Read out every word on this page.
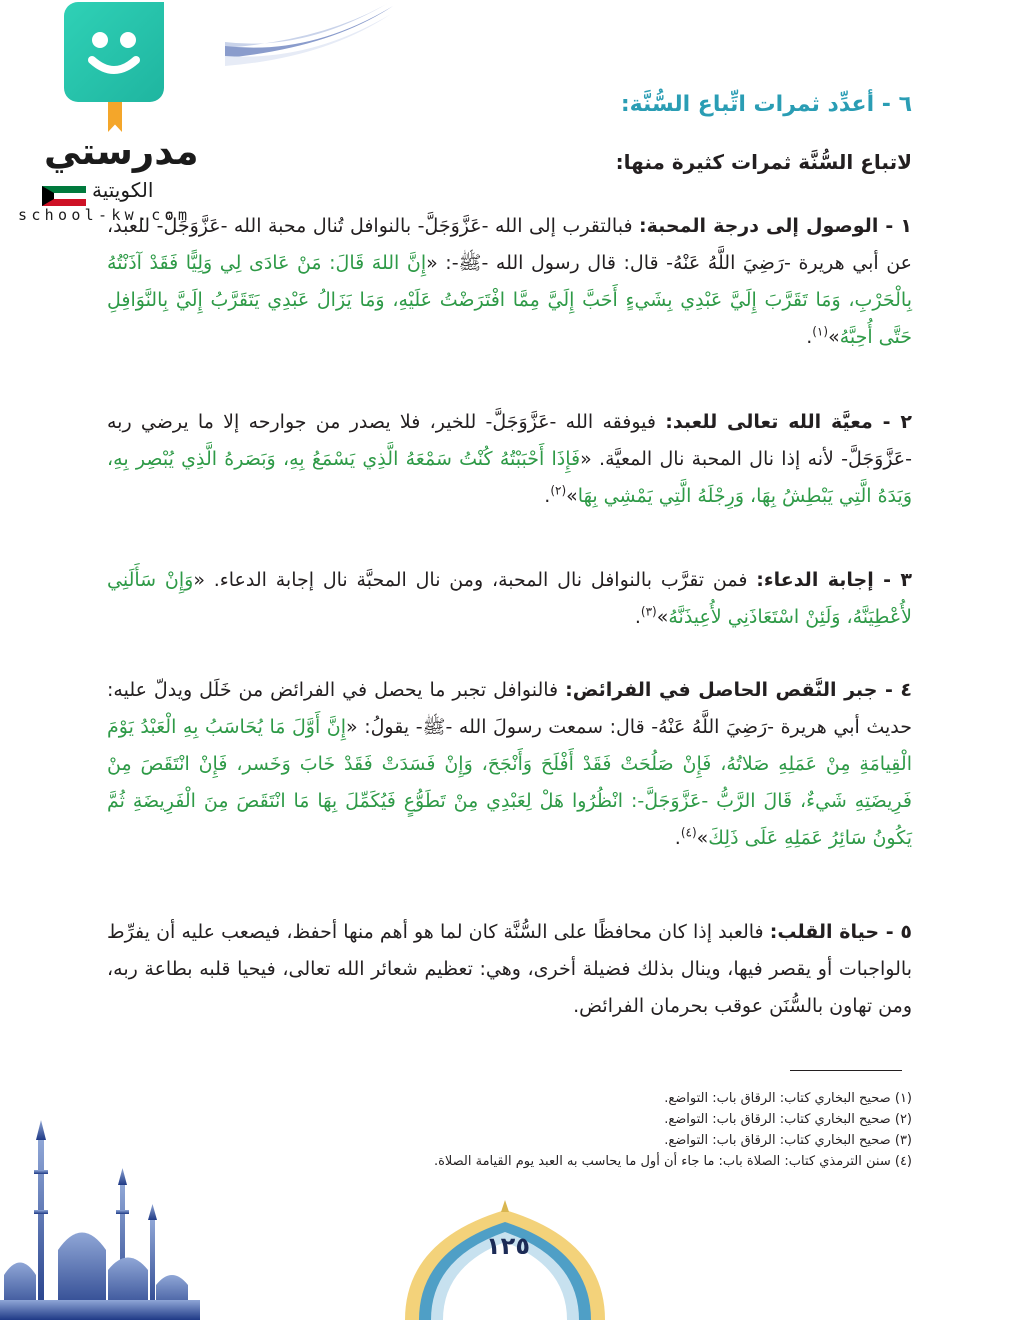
مدرستي
الكويتية
school-kw.com
٦ - أعدِّد ثمرات اتِّباع السُّنَّة:
لاتباع السُّنَّة ثمرات كثيرة منها:
١ - الوصول إلى درجة المحبة: فبالتقرب إلى الله -عَزَّوَجَلَّ- بالنوافل تُنال محبة الله -عَزَّوَجَلَّ- للعبد، عن أبي هريرة -رَضِيَ اللَّهُ عَنْهُ- قال: قال رسول الله -ﷺ-: «إِنَّ اللهَ قَالَ: مَنْ عَادَى لِي وَلِيًّا فَقَدْ آذَنْتُهُ بِالْحَرْبِ، وَمَا تَقَرَّبَ إِلَيَّ عَبْدِي بِشَيءٍ أَحَبَّ إِلَيَّ مِمَّا افْتَرَضْتُ عَلَيْهِ، وَمَا يَزَالُ عَبْدِي يَتَقَرَّبُ إِلَيَّ بِالنَّوَافِلِ حَتَّى أُحِبَّهُ»$^{(١)}$.
٢ - معيَّة الله تعالى للعبد: فيوفقه الله -عَزَّوَجَلَّ- للخير، فلا يصدر من جوارحه إلا ما يرضي ربه -عَزَّوَجَلَّ- لأنه إذا نال المحبة نال المعيَّة. «فَإِذَا أَحْبَبْتُهُ كُنْتُ سَمْعَهُ الَّذِي يَسْمَعُ بِهِ، وَبَصَرهُ الَّذِي يُبْصِر بِهِ، وَيَدَهُ الَّتِي يَبْطِشُ بِهَا، وَرِجْلَهُ الَّتِي يَمْشِي بِهَا»$^{(٢)}$.
٣ - إجابة الدعاء: فمن تقرَّب بالنوافل نال المحبة، ومن نال المحبَّة نال إجابة الدعاء. «وَإِنْ سَأَلَنِي لأُعْطِيَنَّهُ، وَلَئِنْ اسْتَعَاذَنِي لأُعِيذَنَّهُ»$^{(٣)}$.
٤ - جبر النَّقص الحاصل في الفرائض: فالنوافل تجبر ما يحصل في الفرائض من خَلَل ويدلّ عليه: حديث أبي هريرة -رَضِيَ اللَّهُ عَنْهُ- قال: سمعت رسولَ الله -ﷺ- يقولُ: «إِنَّ أَوَّلَ مَا يُحَاسَبُ بِهِ الْعَبْدُ يَوْمَ الْقِيامَةِ مِنْ عَمَلِهِ صَلاتُهُ، فَإِنْ صَلُحَتْ فَقَدْ أَفْلَحَ وَأَنْجَحَ، وَإِنْ فَسَدَتْ فَقَدْ خَابَ وَخَسر، فَإِنْ انْتَقَصَ مِنْ فَرِيضَتِهِ شَيءٌ، قَالَ الرَّبُّ -عَزَّوَجَلَّ-: انْظُرُوا هَلْ لِعَبْدِي مِنْ تَطَوُّعٍ فَيُكَمِّلَ بِهَا مَا انْتَقَصَ مِنَ الْفَرِيضَةِ ثُمَّ يَكُونُ سَائِرُ عَمَلِهِ عَلَى ذَلِكَ»$^{(٤)}$.
٥ - حياة القلب: فالعبد إذا كان محافظًا على السُّنَّة كان لما هو أهم منها أحفظ، فيصعب عليه أن يفرِّط بالواجبات أو يقصر فيها، وينال بذلك فضيلة أخرى، وهي: تعظيم شعائر الله تعالى، فيحيا قلبه بطاعة ربه، ومن تهاون بالسُّنَن عوقب بحرمان الفرائض.
(١) صحيح البخاري كتاب: الرقاق باب: التواضع.
(٢) صحيح البخاري كتاب: الرقاق باب: التواضع.
(٣) صحيح البخاري كتاب: الرقاق باب: التواضع.
(٤) سنن الترمذي كتاب: الصلاة باب: ما جاء أن أول ما يحاسب به العبد يوم القيامة الصلاة.
١٢٥
